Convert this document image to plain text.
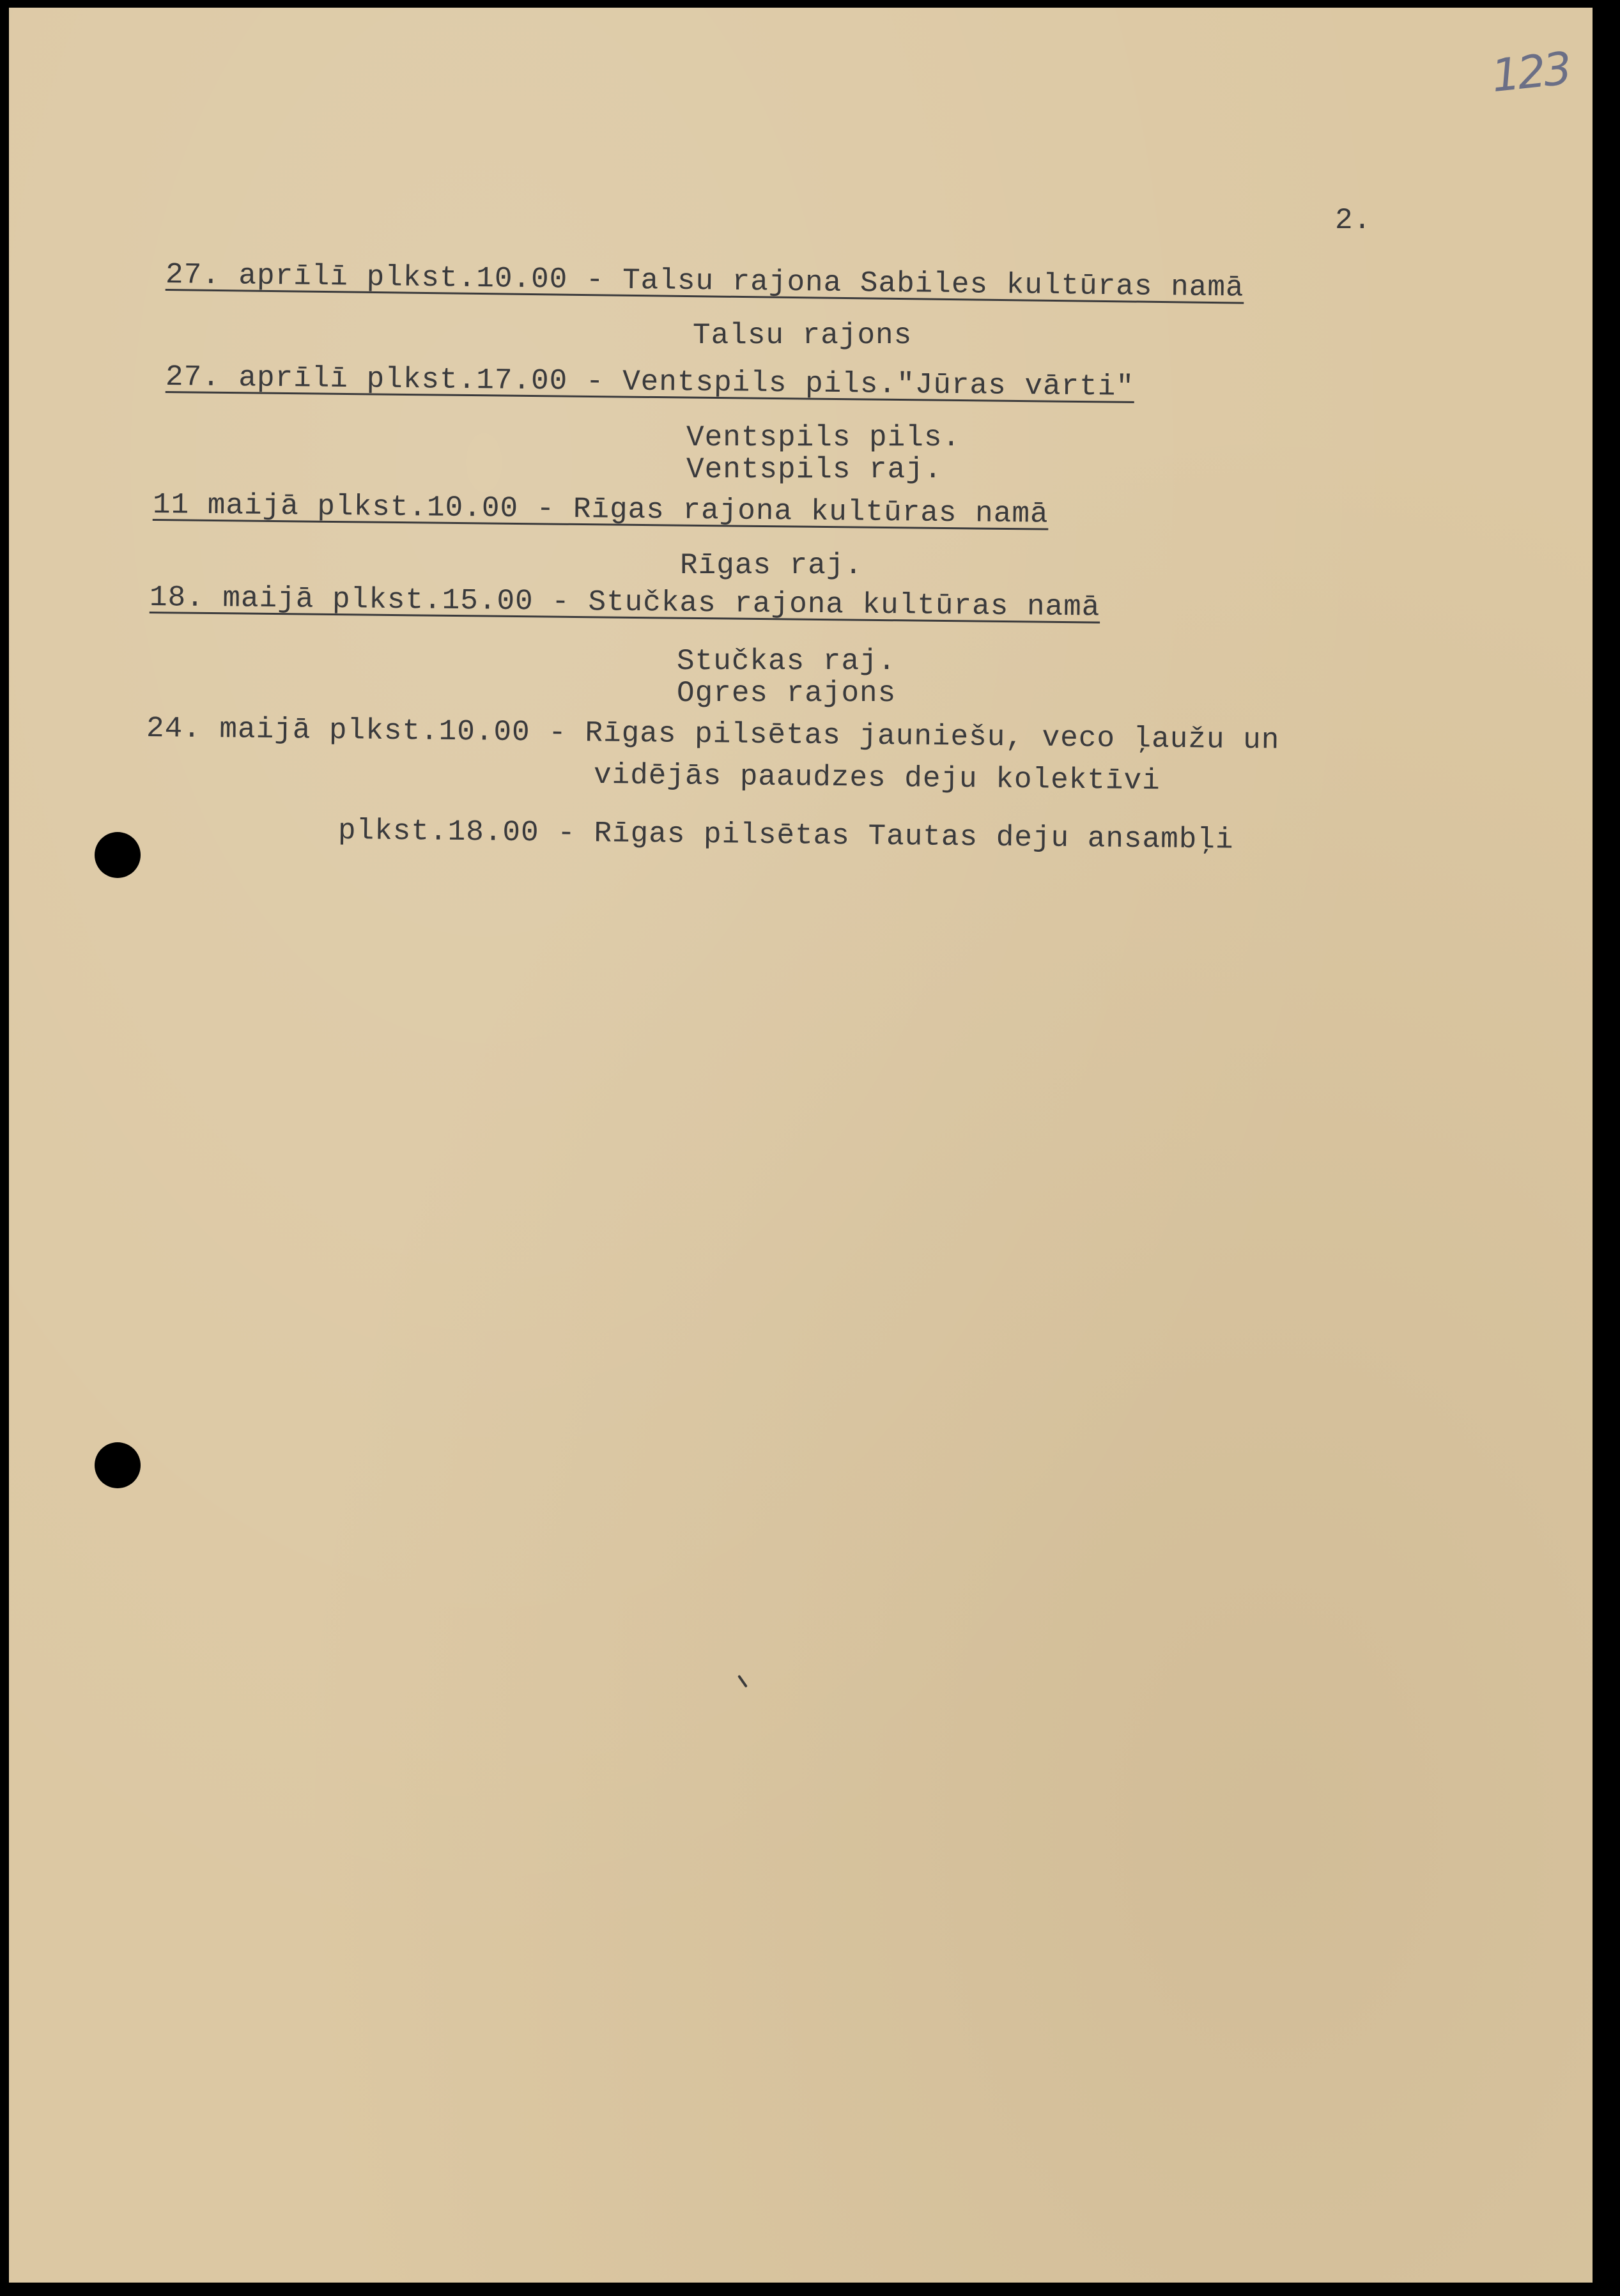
123
2.
27. aprīlī plkst.10.00 - Talsu rajona Sabiles kultūras namā
Talsu rajons
27. aprīlī plkst.17.00 - Ventspils pils."Jūras vārti"
Ventspils pils.
Ventspils raj.
11 maijā plkst.10.00 - Rīgas rajona kultūras namā
Rīgas raj.
18. maijā plkst.15.00 - Stučkas rajona kultūras namā
Stučkas raj.
Ogres rajons
24. maijā plkst.10.00 - Rīgas pilsētas jauniešu, veco ļaužu un
vidējās paaudzes deju kolektīvi
plkst.18.00 - Rīgas pilsētas Tautas deju ansambļi
